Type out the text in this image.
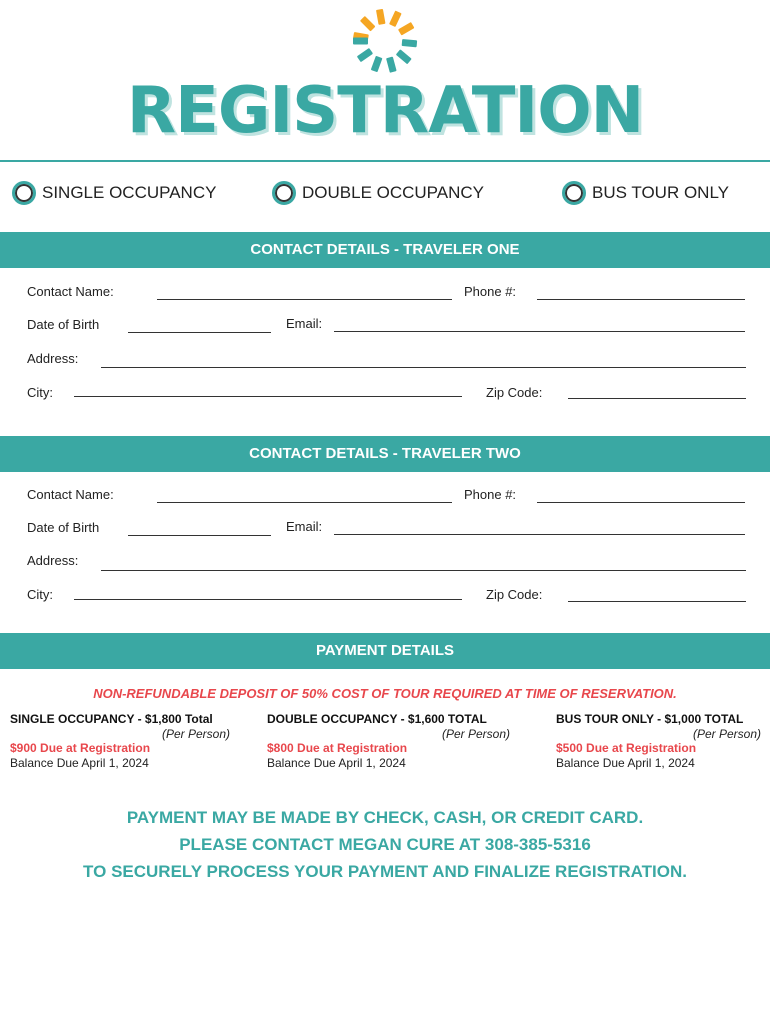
REGISTRATION
SINGLE OCCUPANCY	DOUBLE OCCUPANCY	BUS TOUR ONLY
CONTACT DETAILS - TRAVELER ONE
Contact Name:	Phone #:
Date of Birth	Email:
Address:
City:	Zip Code:
CONTACT DETAILS - TRAVELER TWO
Contact Name:	Phone #:
Date of Birth	Email:
Address:
City:	Zip Code:
PAYMENT DETAILS
NON-REFUNDABLE DEPOSIT OF 50% COST OF TOUR REQUIRED AT TIME OF RESERVATION.
SINGLE OCCUPANCY - $1,800 Total
(Per Person)
$900 Due at Registration
Balance Due April 1, 2024
DOUBLE OCCUPANCY - $1,600 TOTAL
(Per Person)
$800 Due at Registration
Balance Due April 1, 2024
BUS TOUR ONLY - $1,000 TOTAL
(Per Person)
$500 Due at Registration
Balance Due April 1, 2024
PAYMENT MAY BE MADE BY CHECK, CASH, OR CREDIT CARD.
PLEASE CONTACT MEGAN CURE AT 308-385-5316
TO SECURELY PROCESS YOUR PAYMENT AND FINALIZE REGISTRATION.
